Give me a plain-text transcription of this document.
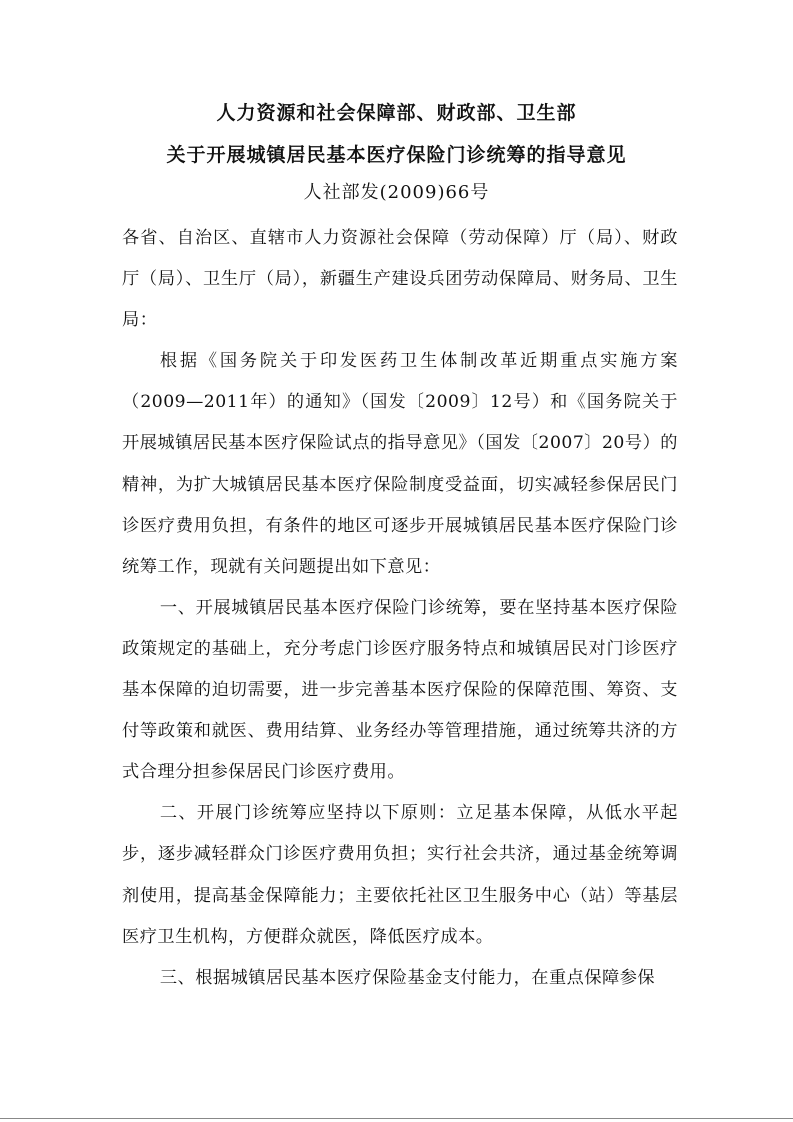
人力资源和社会保障部、财政部、卫生部
关于开展城镇居民基本医疗保险门诊统筹的指导意见
人社部发(2009)66号

各省、自治区、直辖市人力资源社会保障（劳动保障）厅（局）、财政厅（局）、卫生厅（局），新疆生产建设兵团劳动保障局、财务局、卫生局：

根据《国务院关于印发医药卫生体制改革近期重点实施方案（2009—2011年）的通知》（国发〔2009〕12号）和《国务院关于开展城镇居民基本医疗保险试点的指导意见》（国发〔2007〕20号）的精神，为扩大城镇居民基本医疗保险制度受益面，切实减轻参保居民门诊医疗费用负担，有条件的地区可逐步开展城镇居民基本医疗保险门诊统筹工作，现就有关问题提出如下意见：

一、开展城镇居民基本医疗保险门诊统筹，要在坚持基本医疗保险政策规定的基础上，充分考虑门诊医疗服务特点和城镇居民对门诊医疗基本保障的迫切需要，进一步完善基本医疗保险的保障范围、筹资、支付等政策和就医、费用结算、业务经办等管理措施，通过统筹共济的方式合理分担参保居民门诊医疗费用。

二、开展门诊统筹应坚持以下原则：立足基本保障，从低水平起步，逐步减轻群众门诊医疗费用负担；实行社会共济，通过基金统筹调剂使用，提高基金保障能力；主要依托社区卫生服务中心（站）等基层医疗卫生机构，方便群众就医，降低医疗成本。

三、根据城镇居民基本医疗保险基金支付能力，在重点保障参保
